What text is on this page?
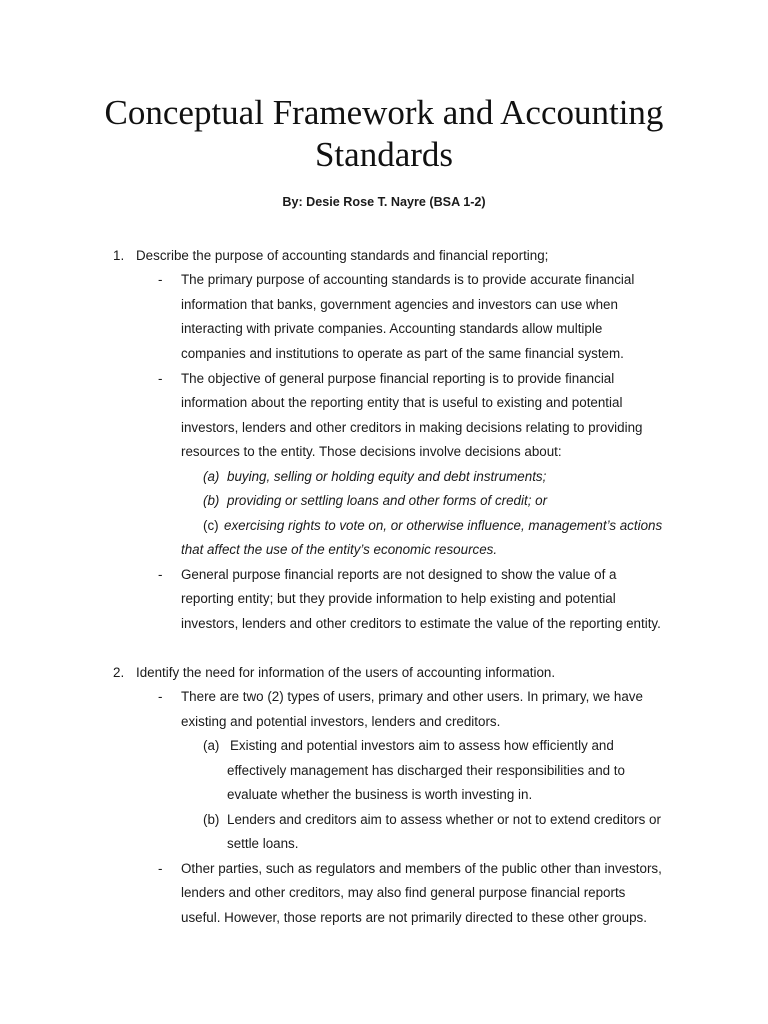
Conceptual Framework and Accounting Standards
By: Desie Rose T. Nayre (BSA 1-2)
1. Describe the purpose of accounting standards and financial reporting;
- The primary purpose of accounting standards is to provide accurate financial
information that banks, government agencies and investors can use when
interacting with private companies. Accounting standards allow multiple
companies and institutions to operate as part of the same financial system.
- The objective of general purpose financial reporting is to provide financial
information about the reporting entity that is useful to existing and potential
investors, lenders and other creditors in making decisions relating to providing
resources to the entity. Those decisions involve decisions about:
(a) buying, selling or holding equity and debt instruments;
(b) providing or settling loans and other forms of credit; or
(c) exercising rights to vote on, or otherwise influence, management’s actions
that affect the use of the entity’s economic resources.
- General purpose financial reports are not designed to show the value of a
reporting entity; but they provide information to help existing and potential
investors, lenders and other creditors to estimate the value of the reporting entity.
2. Identify the need for information of the users of accounting information.
- There are two (2) types of users, primary and other users. In primary, we have
existing and potential investors, lenders and creditors.
(a) Existing and potential investors aim to assess how efficiently and
effectively management has discharged their responsibilities and to
evaluate whether the business is worth investing in.
(b) Lenders and creditors aim to assess whether or not to extend creditors or
settle loans.
- Other parties, such as regulators and members of the public other than investors,
lenders and other creditors, may also find general purpose financial reports
useful. However, those reports are not primarily directed to these other groups.
